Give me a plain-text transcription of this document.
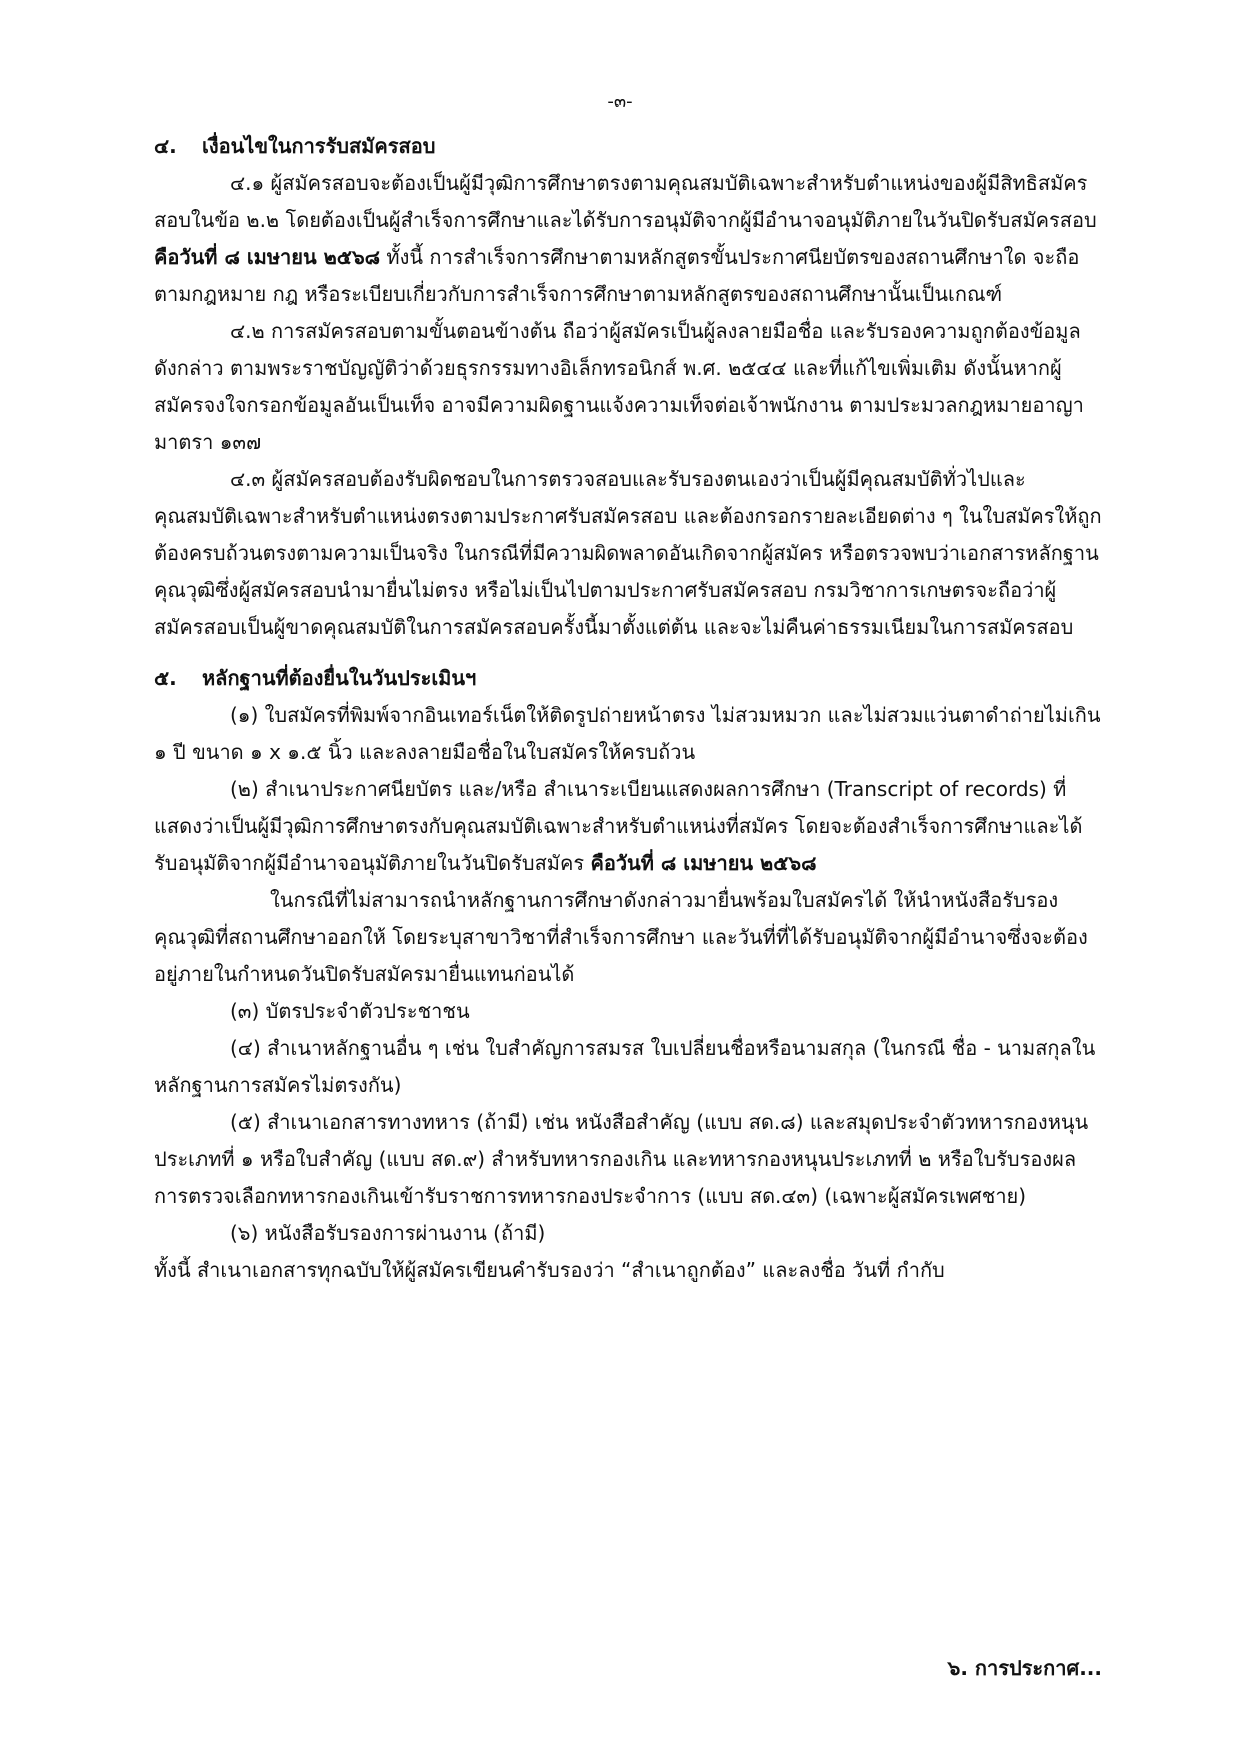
-๓-
๔. เงื่อนไขในการรับสมัครสอบ

๔.๑ ผู้สมัครสอบจะต้องเป็นผู้มีวุฒิการศึกษาตรงตามคุณสมบัติเฉพาะสำหรับตำแหน่งของผู้มีสิทธิสมัครสอบในข้อ ๒.๒ โดยต้องเป็นผู้สำเร็จการศึกษาและได้รับการอนุมัติจากผู้มีอำนาจอนุมัติภายในวันปิดรับสมัครสอบ คือวันที่ ๘ เมษายน ๒๕๖๘ ทั้งนี้ การสำเร็จการศึกษาตามหลักสูตรขั้นประกาศนียบัตรของสถานศึกษาใด จะถือตามกฎหมาย กฎ หรือระเบียบเกี่ยวกับการสำเร็จการศึกษาตามหลักสูตรของสถานศึกษานั้นเป็นเกณฑ์

๔.๒ การสมัครสอบตามขั้นตอนข้างต้น ถือว่าผู้สมัครเป็นผู้ลงลายมือชื่อ และรับรองความถูกต้องข้อมูลดังกล่าว ตามพระราชบัญญัติว่าด้วยธุรกรรมทางอิเล็กทรอนิกส์ พ.ศ. ๒๕๔๔ และที่แก้ไขเพิ่มเติม ดังนั้นหากผู้สมัครจงใจกรอกข้อมูลอันเป็นเท็จ อาจมีความผิดฐานแจ้งความเท็จต่อเจ้าพนักงาน ตามประมวลกฎหมายอาญา มาตรา ๑๓๗

๔.๓ ผู้สมัครสอบต้องรับผิดชอบในการตรวจสอบและรับรองตนเองว่าเป็นผู้มีคุณสมบัติทั่วไปและคุณสมบัติเฉพาะสำหรับตำแหน่งตรงตามประกาศรับสมัครสอบ และต้องกรอกรายละเอียดต่าง ๆ ในใบสมัครให้ถูกต้องครบถ้วนตรงตามความเป็นจริง ในกรณีที่มีความผิดพลาดอันเกิดจากผู้สมัคร หรือตรวจพบว่าเอกสารหลักฐานคุณวุฒิซึ่งผู้สมัครสอบนำมายื่นไม่ตรง หรือไม่เป็นไปตามประกาศรับสมัครสอบ กรมวิชาการเกษตรจะถือว่าผู้สมัครสอบเป็นผู้ขาดคุณสมบัติในการสมัครสอบครั้งนี้มาตั้งแต่ต้น และจะไม่คืนค่าธรรมเนียมในการสมัครสอบ

๕. หลักฐานที่ต้องยื่นในวันประเมินฯ

(๑) ใบสมัครที่พิมพ์จากอินเทอร์เน็ตให้ติดรูปถ่ายหน้าตรง ไม่สวมหมวก และไม่สวมแว่นตาดำถ่ายไม่เกิน ๑ ปี ขนาด ๑ x ๑.๕ นิ้ว และลงลายมือชื่อในใบสมัครให้ครบถ้วน

(๒) สำเนาประกาศนียบัตร และ/หรือ สำเนาระเบียนแสดงผลการศึกษา (Transcript of records) ที่แสดงว่าเป็นผู้มีวุฒิการศึกษาตรงกับคุณสมบัติเฉพาะสำหรับตำแหน่งที่สมัคร โดยจะต้องสำเร็จการศึกษาและได้รับอนุมัติจากผู้มีอำนาจอนุมัติภายในวันปิดรับสมัคร คือวันที่ ๘ เมษายน ๒๕๖๘

ในกรณีที่ไม่สามารถนำหลักฐานการศึกษาดังกล่าวมายื่นพร้อมใบสมัครได้ ให้นำหนังสือรับรองคุณวุฒิที่สถานศึกษาออกให้ โดยระบุสาขาวิชาที่สำเร็จการศึกษา และวันที่ที่ได้รับอนุมัติจากผู้มีอำนาจซึ่งจะต้องอยู่ภายในกำหนดวันปิดรับสมัครมายื่นแทนก่อนได้

(๓) บัตรประจำตัวประชาชน

(๔) สำเนาหลักฐานอื่น ๆ เช่น ใบสำคัญการสมรส ใบเปลี่ยนชื่อหรือนามสกุล (ในกรณี ชื่อ - นามสกุลในหลักฐานการสมัครไม่ตรงกัน)

(๕) สำเนาเอกสารทางทหาร (ถ้ามี) เช่น หนังสือสำคัญ (แบบ สด.๘) และสมุดประจำตัวทหารกองหนุน ประเภทที่ ๑ หรือใบสำคัญ (แบบ สด.๙) สำหรับทหารกองเกิน และทหารกองหนุนประเภทที่ ๒ หรือใบรับรองผลการตรวจเลือกทหารกองเกินเข้ารับราชการทหารกองประจำการ (แบบ สด.๔๓) (เฉพาะผู้สมัครเพศชาย)

(๖) หนังสือรับรองการผ่านงาน (ถ้ามี)

ทั้งนี้ สำเนาเอกสารทุกฉบับให้ผู้สมัครเขียนคำรับรองว่า “สำเนาถูกต้อง” และลงชื่อ วันที่ กำกับ

๖. การประกาศ...
